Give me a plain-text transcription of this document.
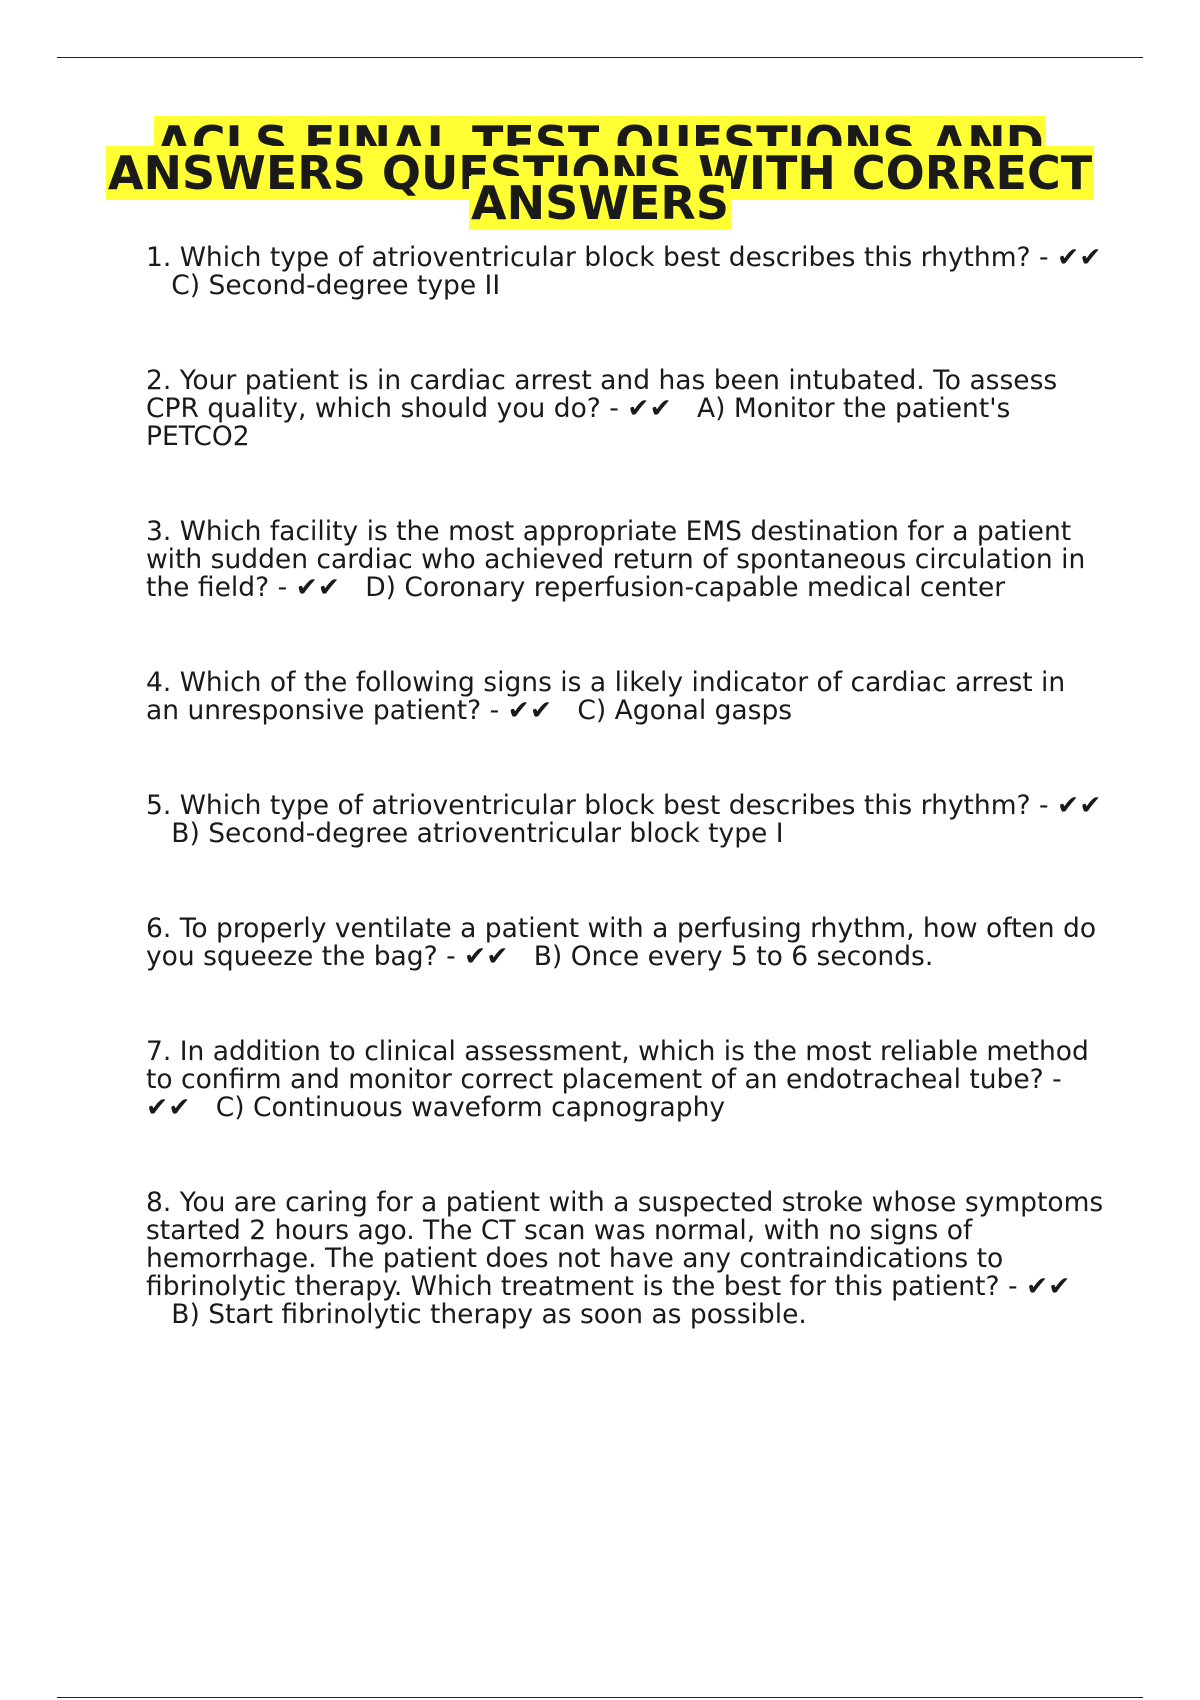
ACLS FINAL TEST QUESTIONS AND ANSWERS QUESTIONS WITH CORRECT ANSWERS
1. Which type of atrioventricular block best describes this rhythm? - ✔✔   C) Second-degree type II
2. Your patient is in cardiac arrest and has been intubated. To assess CPR quality, which should you do? - ✔✔ A) Monitor the patient's PETCO2
3. Which facility is the most appropriate EMS destination for a patient with sudden cardiac who achieved return of spontaneous circulation in the field? - ✔✔ D) Coronary reperfusion-capable medical center
4. Which of the following signs is a likely indicator of cardiac arrest in an unresponsive patient? - ✔✔ C) Agonal gasps
5. Which type of atrioventricular block best describes this rhythm? - ✔✔   B) Second-degree atrioventricular block type I
6. To properly ventilate a patient with a perfusing rhythm, how often do you squeeze the bag? - ✔✔ B) Once every 5 to 6 seconds.
7. In addition to clinical assessment, which is the most reliable method to confirm and monitor correct placement of an endotracheal tube? - ✔✔ C) Continuous waveform capnography
8. You are caring for a patient with a suspected stroke whose symptoms started 2 hours ago. The CT scan was normal, with no signs of hemorrhage. The patient does not have any contraindications to fibrinolytic therapy. Which treatment is the best for this patient? - ✔✔   B) Start fibrinolytic therapy as soon as possible.
